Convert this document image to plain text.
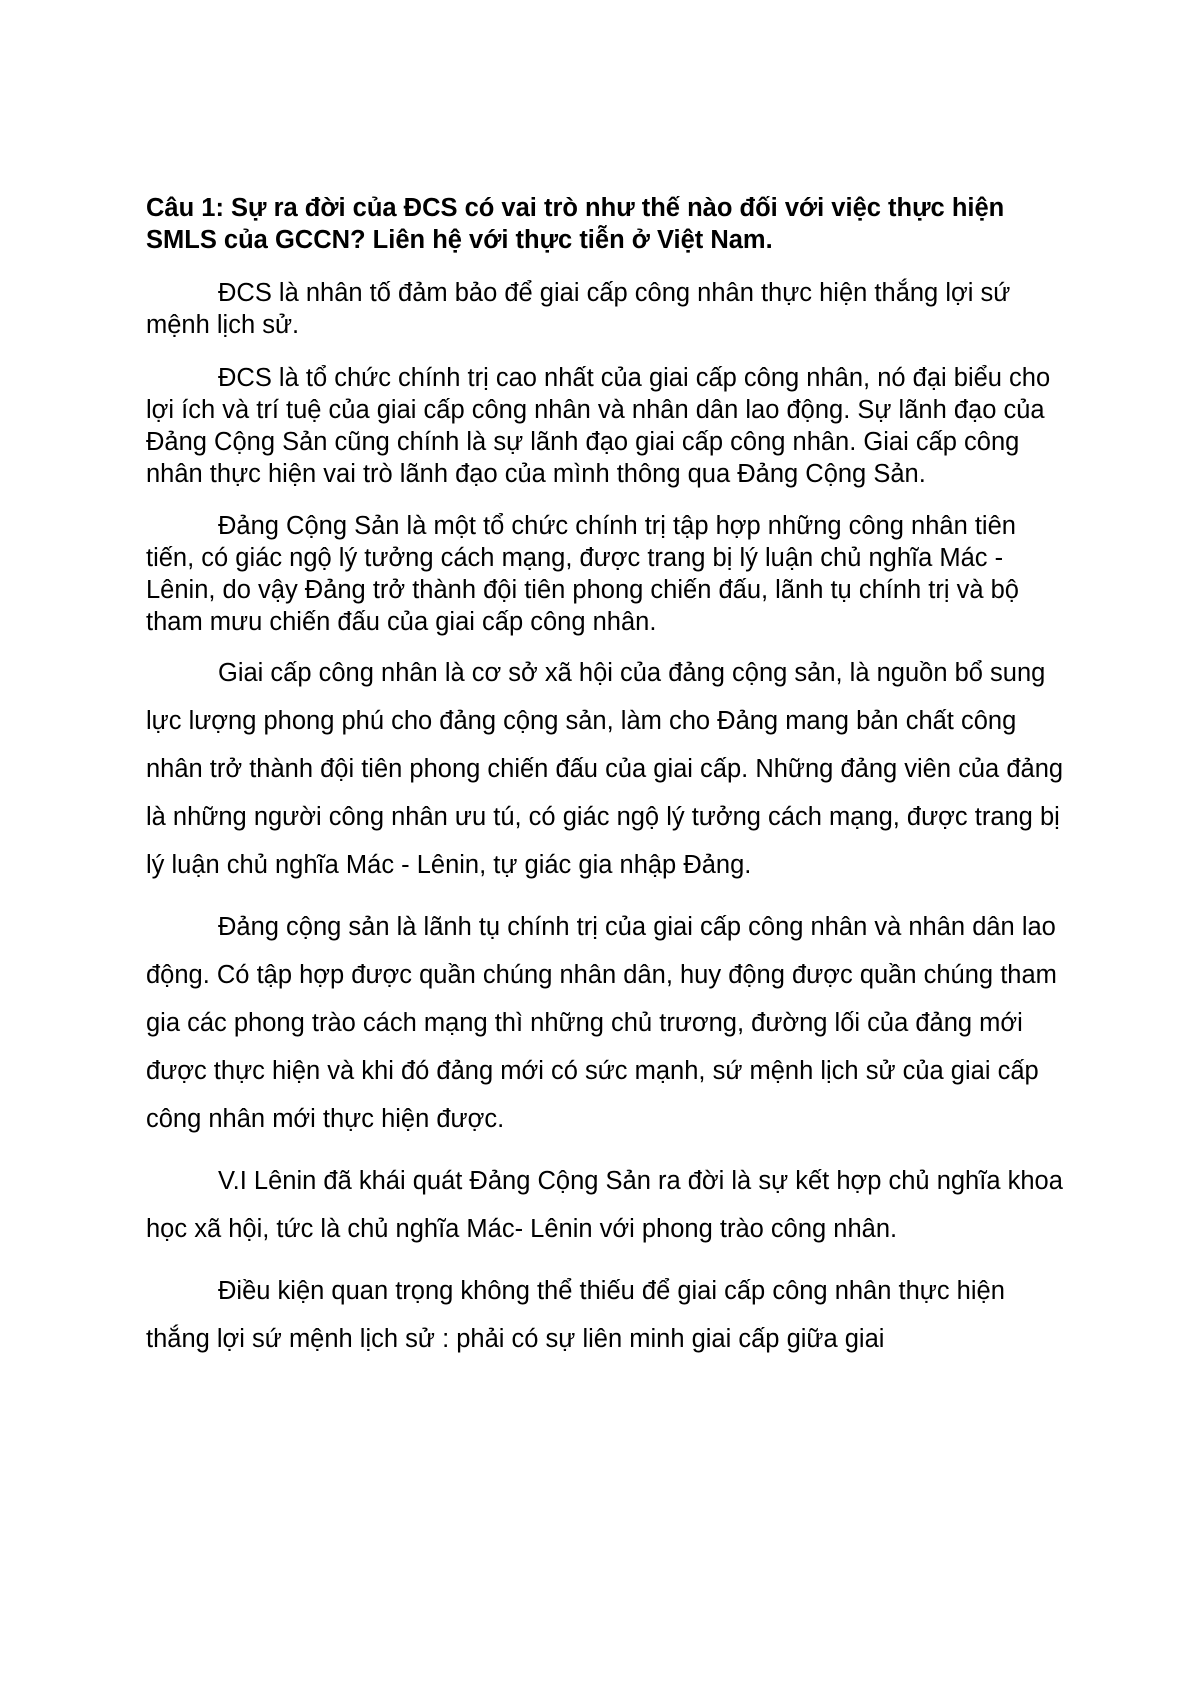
Câu 1: Sự ra đời của ĐCS có vai trò như thế nào đối với việc thực hiện SMLS của GCCN? Liên hệ với thực tiễn ở Việt Nam.

ĐCS là nhân tố đảm bảo để giai cấp công nhân thực hiện thắng lợi sứ mệnh lịch sử.

ĐCS là tổ chức chính trị cao nhất của giai cấp công nhân, nó đại biểu cho lợi ích và trí tuệ của giai cấp công nhân và nhân dân lao động. Sự lãnh đạo của Đảng Cộng Sản cũng chính là sự lãnh đạo giai cấp công nhân. Giai cấp công nhân thực hiện vai trò lãnh đạo của mình thông qua Đảng Cộng Sản.

Đảng Cộng Sản là một tổ chức chính trị tập hợp những công nhân tiên tiến, có giác ngộ lý tưởng cách mạng, được trang bị lý luận chủ nghĩa Mác - Lênin, do vậy Đảng trở thành đội tiên phong chiến đấu, lãnh tụ chính trị và bộ tham mưu chiến đấu của giai cấp công nhân.

Giai cấp công nhân là cơ sở xã hội của đảng cộng sản, là nguồn bổ sung lực lượng phong phú cho đảng cộng sản, làm cho Đảng mang bản chất công nhân trở thành đội tiên phong chiến đấu của giai cấp. Những đảng viên của đảng là những người công nhân ưu tú, có giác ngộ lý tưởng cách mạng, được trang bị lý luận chủ nghĩa Mác - Lênin, tự giác gia nhập Đảng.

Đảng cộng sản là lãnh tụ chính trị của giai cấp công nhân và nhân dân lao động. Có tập hợp được quần chúng nhân dân, huy động được quần chúng tham gia các phong trào cách mạng thì những chủ trương, đường lối của đảng mới được thực hiện và khi đó đảng mới có sức mạnh, sứ mệnh lịch sử của giai cấp công nhân mới thực hiện được.

V.I Lênin đã khái quát Đảng Cộng Sản ra đời là sự kết hợp chủ nghĩa khoa học xã hội, tức là chủ nghĩa Mác- Lênin với phong trào công nhân.

Điều kiện quan trọng không thể thiếu để giai cấp công nhân thực hiện thắng lợi sứ mệnh lịch sử : phải có sự liên minh giai cấp giữa giai
